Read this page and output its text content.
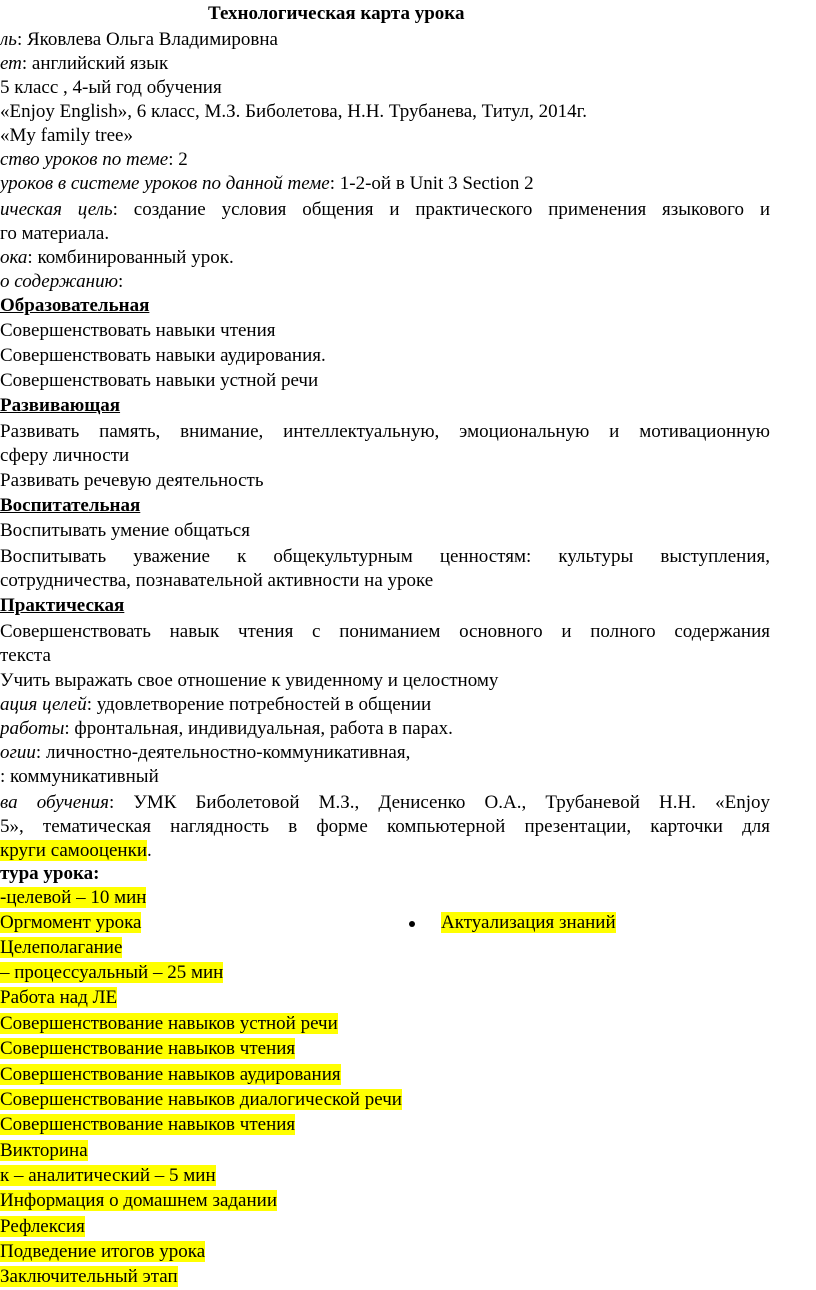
Технологическая карта урока
ль: Яковлева Ольга Владимировна
ет: английский язык
5 класс , 4-ый год обучения
«Enjoy English», 6 класс, М.З. Биболетова, Н.Н. Трубанева, Титул, 2014г.
«My family tree»
ство уроков по теме: 2
уроков в системе уроков по данной теме: 1-2-ой в Unit 3 Section 2
ическая цель: создание условия общения и практического применения языкового и
го материала.
ока: комбинированный урок.
о содержанию:
Образовательная
Совершенствовать навыки чтения
Совершенствовать навыки аудирования.
Совершенствовать навыки устной речи
Развивающая
Развивать память, внимание, интеллектуальную, эмоциональную и мотивационную
сферу личности
Развивать речевую деятельность
Воспитательная
Воспитывать умение общаться
Воспитывать уважение к общекультурным ценностям: культуры выступления,
сотрудничества, познавательной активности на уроке
Практическая
Совершенствовать навык чтения с пониманием основного и полного содержания
текста
Учить выражать свое отношение к увиденному и целостному
ация целей: удовлетворение потребностей в общении
работы: фронтальная, индивидуальная, работа в парах.
огии: личностно-деятельностно-коммуникативная,
: коммуникативный
ва обучения: УМК Биболетовой М.З., Денисенко О.А., Трубаневой Н.Н. «Enjoy
5», тематическая наглядность в форме компьютерной презентации, карточки для
круги самооценки.
тура урока:
-целевой – 10 мин
Оргмомент урока	Актуализация знаний
Целеполагание
– процессуальный – 25 мин
Работа над ЛЕ
Совершенствование навыков устной речи
Совершенствование навыков чтения
Совершенствование навыков аудирования
Совершенствование навыков диалогической речи
Совершенствование навыков чтения
Викторина
к – аналитический – 5 мин
Информация о домашнем задании
Рефлексия
Подведение итогов урока
Заключительный этап
